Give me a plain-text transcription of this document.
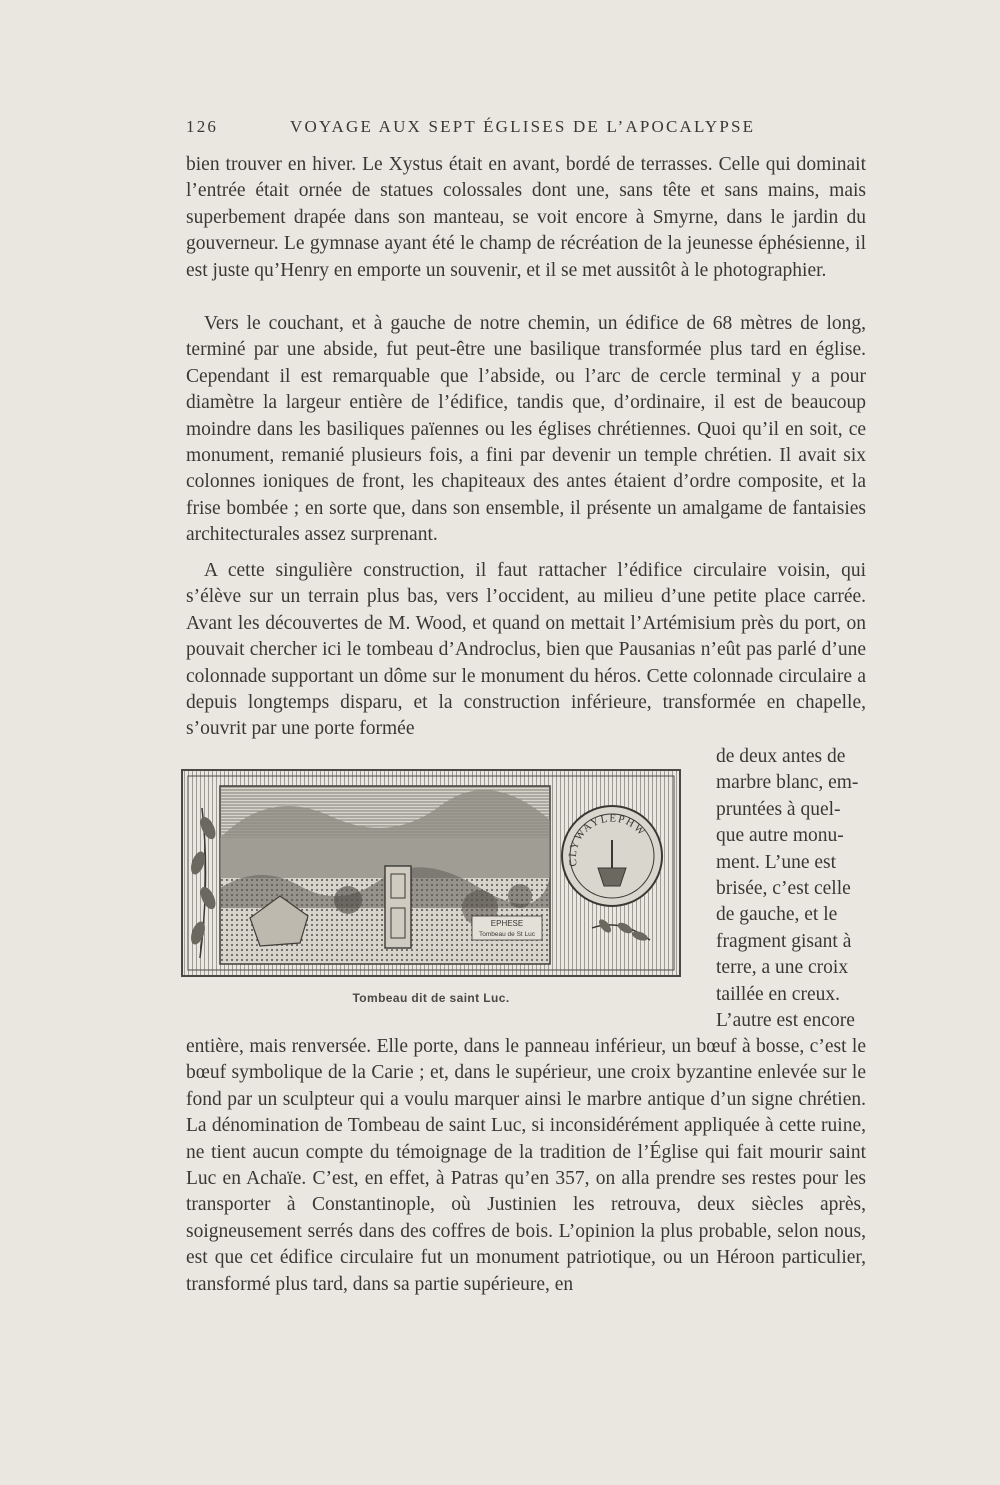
126	VOYAGE AUX SEPT ÉGLISES DE L’APOCALYPSE

bien trouver en hiver. Le Xystus était en avant, bordé de terrasses. Celle qui dominait l’entrée était ornée de statues colossales dont une, sans tête et sans mains, mais superbement drapée dans son manteau, se voit encore à Smyrne, dans le jardin du gouverneur. Le gymnase ayant été le champ de récréation de la jeunesse éphésienne, il est juste qu’Henry en emporte un souvenir, et il se met aussitôt à le photographier.

Vers le couchant, et à gauche de notre chemin, un édifice de 68 mètres de long, terminé par une abside, fut peut-être une basilique transformée plus tard en église. Cependant il est remarquable que l’abside, ou l’arc de cercle terminal y a pour diamètre la largeur entière de l’édifice, tandis que, d’ordinaire, il est de beaucoup moindre dans les basiliques païennes ou les églises chrétiennes. Quoi qu’il en soit, ce monument, remanié plusieurs fois, a fini par devenir un temple chrétien. Il avait six colonnes ioniques de front, les chapiteaux des antes étaient d’ordre composite, et la frise bombée ; en sorte que, dans son ensemble, il présente un amalgame de fantaisies architecturales assez surprenant.

A cette singulière construction, il faut rattacher l’édifice circulaire voisin, qui s’élève sur un terrain plus bas, vers l’occident, au milieu d’une petite place carrée. Avant les découvertes de M. Wood, et quand on mettait l’Artémisium près du port, on pouvait chercher ici le tombeau d’Androclus, bien que Pausanias n’eût pas parlé d’une colonnade supportant un dôme sur le monument du héros. Cette colonnade circulaire a depuis longtemps disparu, et la construction inférieure, transformée en chapelle, s’ouvrit par une porte formée

de deux antes de
marbre blanc, em-
pruntées à quel-
que autre monu-
ment. L’une est
brisée, c’est celle
de gauche, et le
fragment gisant à
terre, a une croix
taillée en creux.
L’autre est encore
EPHESE
Tombeau de St Luc
CLYWAYLEPHW
Tombeau dit de saint Luc.

entière, mais renversée. Elle porte, dans le panneau inférieur, un bœuf à bosse, c’est le bœuf symbolique de la Carie ; et, dans le supérieur, une croix byzantine enlevée sur le fond par un sculpteur qui a voulu marquer ainsi le marbre antique d’un signe chrétien. La dénomination de Tombeau de saint Luc, si inconsidérément appliquée à cette ruine, ne tient aucun compte du témoignage de la tradition de l’Église qui fait mourir saint Luc en Achaïe. C’est, en effet, à Patras qu’en 357, on alla prendre ses restes pour les transporter à Constantinople, où Justinien les retrouva, deux siècles après, soigneusement serrés dans des coffres de bois. L’opinion la plus probable, selon nous, est que cet édifice circulaire fut un monument patriotique, ou un Héroon particulier, transformé plus tard, dans sa partie supérieure, en
